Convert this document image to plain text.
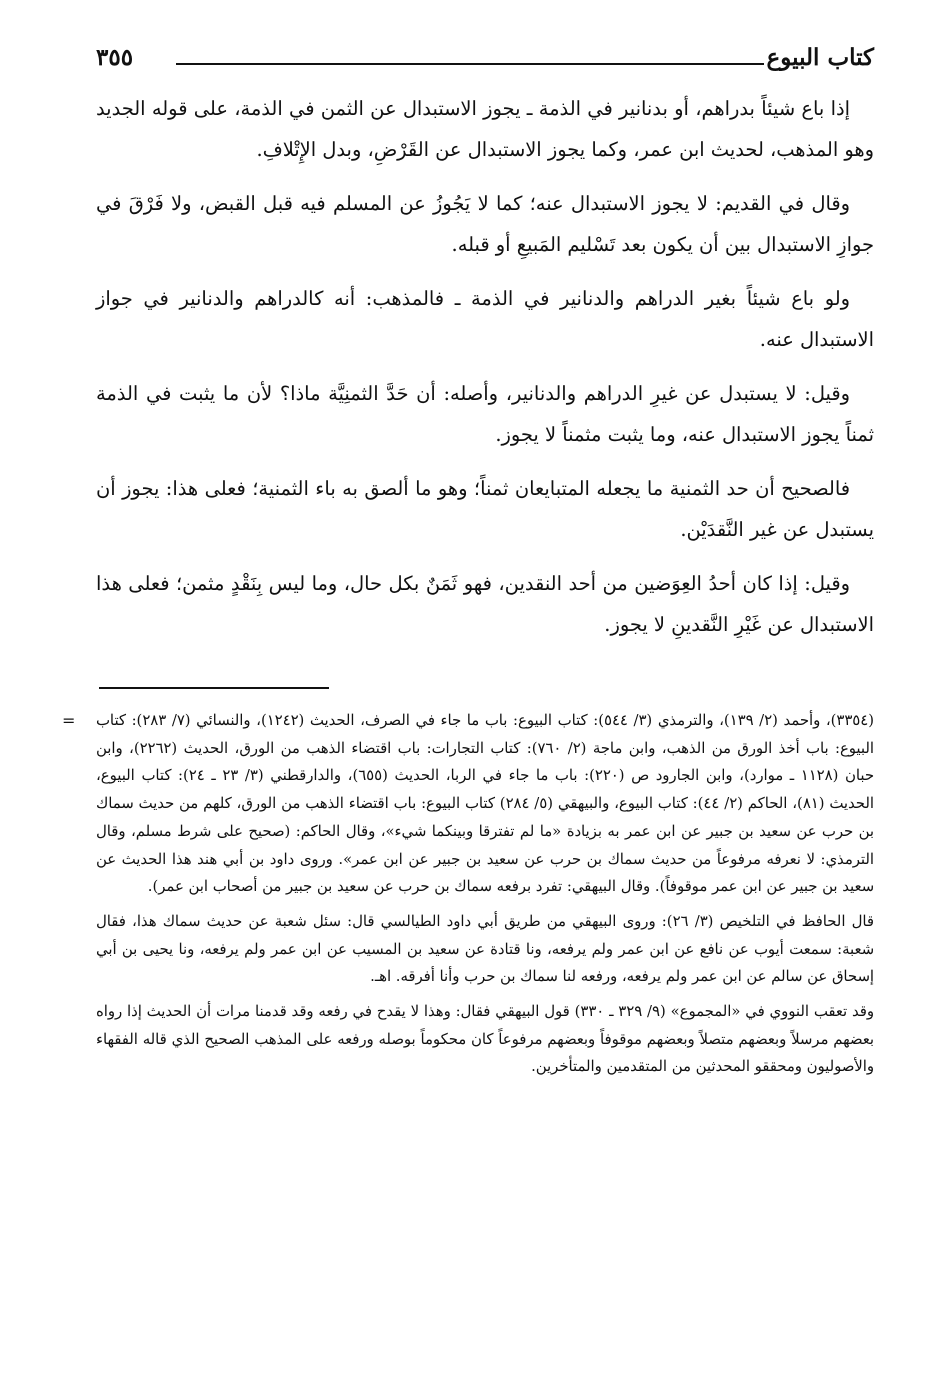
كتاب البيوع
٣٥٥

إذا باع شيئاً بدراهم، أو بدنانير في الذمة ـ يجوز الاستبدال عن الثمن في الذمة، على قوله الجديد وهو المذهب، لحديث ابن عمر، وكما يجوز الاستبدال عن القَرْضِ، وبدل الإِتْلافِ.

وقال في القديم: لا يجوز الاستبدال عنه؛ كما لا يَجُوزُ عن المسلم فيه قبل القبض، ولا فَرْقَ في جوازِ الاستبدال بين أن يكون بعد تَسْليم المَبيعِ أو قبله.

ولو باع شيئاً بغير الدراهم والدنانير في الذمة ـ فالمذهب: أنه كالدراهم والدنانير في جواز الاستبدال عنه.

وقيل: لا يستبدل عن غيرِ الدراهم والدنانير، وأصله: أن حَدَّ الثمنِيَّة ماذا؟ لأن ما يثبت في الذمة ثمناً يجوز الاستبدال عنه، وما يثبت مثمناً لا يجوز.

فالصحيح أن حد الثمنية ما يجعله المتبايعان ثمناً؛ وهو ما ألصق به باء الثمنية؛ فعلى هذا: يجوز أن يستبدل عن غير النَّقدَيْن.

وقيل: إذا كان أحدُ العِوَضين من أحد النقدين، فهو ثَمَنٌ بكل حال، وما ليس بِنَقْدٍ مثمن؛ فعلى هذا الاستبدال عن غَيْرِ النَّقدينِ لا يجوز.

= (٣٣٥٤)، وأحمد (٢/ ١٣٩)، والترمذي (٣/ ٥٤٤): كتاب البيوع: باب ما جاء في الصرف، الحديث (١٢٤٢)، والنسائي (٧/ ٢٨٣): كتاب البيوع: باب أخذ الورق من الذهب، وابن ماجة (٢/ ٧٦٠): كتاب التجارات: باب اقتضاء الذهب من الورق، الحديث (٢٢٦٢)، وابن حبان (١١٢٨ ـ موارد)، وابن الجارود ص (٢٢٠): باب ما جاء في الربا، الحديث (٦٥٥)، والدارقطني (٣/ ٢٣ ـ ٢٤): كتاب البيوع، الحديث (٨١)، الحاكم (٢/ ٤٤): كتاب البيوع، والبيهقي (٥/ ٢٨٤) كتاب البيوع: باب اقتضاء الذهب من الورق، كلهم من حديث سماك بن حرب عن سعيد بن جبير عن ابن عمر به بزيادة «ما لم تفترقا وبينكما شيء»، وقال الحاكم: (صحيح على شرط مسلم، وقال الترمذي: لا نعرفه مرفوعاً من حديث سماك بن حرب عن سعيد بن جبير عن ابن عمر». وروى داود بن أبي هند هذا الحديث عن سعيد بن جبير عن ابن عمر موقوفاً). وقال البيهقي: تفرد برفعه سماك بن حرب عن سعيد بن جبير من أصحاب ابن عمر).

قال الحافظ في التلخيص (٣/ ٢٦): وروى البيهقي من طريق أبي داود الطيالسي قال: سئل شعبة عن حديث سماك هذا، فقال شعبة: سمعت أيوب عن نافع عن ابن عمر ولم يرفعه، ونا قتادة عن سعيد بن المسيب عن ابن عمر ولم يرفعه، ونا يحيى بن أبي إسحاق عن سالم عن ابن عمر ولم يرفعه، ورفعه لنا سماك بن حرب وأنا أفرقه. اهـ.

وقد تعقب النووي في «المجموع» (٩/ ٣٢٩ ـ ٣٣٠) قول البيهقي فقال: وهذا لا يقدح في رفعه وقد قدمنا مرات أن الحديث إذا رواه بعضهم مرسلاً وبعضهم متصلاً وبعضهم موقوفاً وبعضهم مرفوعاً كان محكوماً بوصله ورفعه على المذهب الصحيح الذي قاله الفقهاء والأصوليون ومحققو المحدثين من المتقدمين والمتأخرين.
